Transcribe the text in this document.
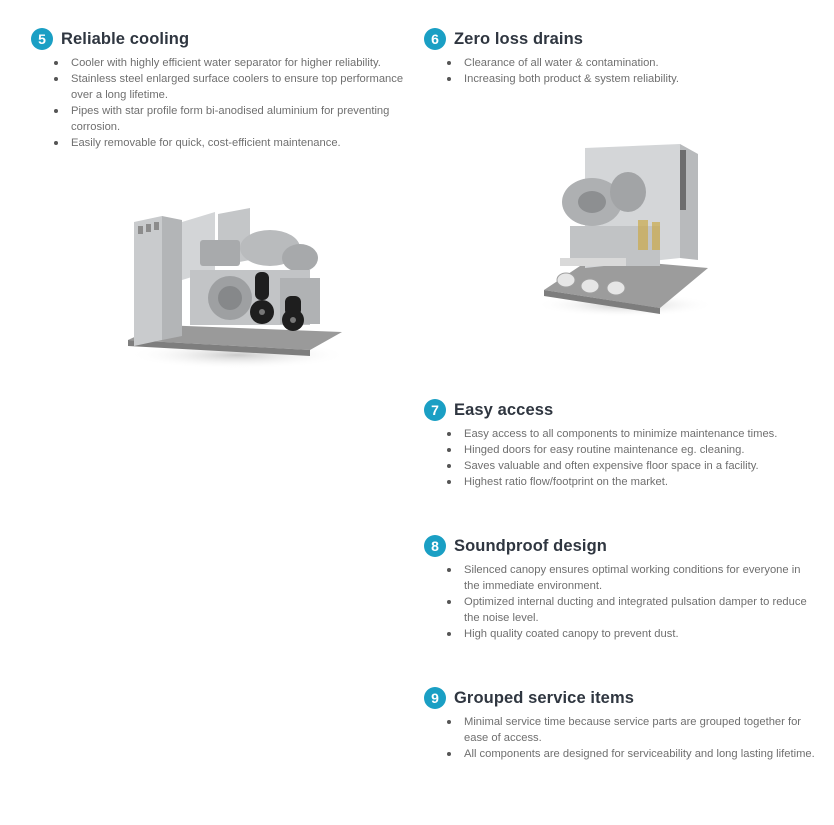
5 Reliable cooling
Cooler with highly efficient water separator for higher reliability.
Stainless steel enlarged surface coolers to ensure top performance over a long lifetime.
Pipes with star profile form bi-anodised aluminium for preventing corrosion.
Easily removable for quick, cost-efficient maintenance.
6 Zero loss drains
Clearance of all water & contamination.
Increasing both product & system reliability.
7 Easy access
Easy access to all components to minimize maintenance times.
Hinged doors for easy routine maintenance eg. cleaning.
Saves valuable and often expensive floor space in a facility.
Highest ratio flow/footprint on the market.
8 Soundproof design
Silenced canopy ensures optimal working conditions for everyone in the immediate environment.
Optimized internal ducting and integrated pulsation damper to reduce the noise level.
High quality coated canopy to prevent dust.
9 Grouped service items
Minimal service time because service parts are grouped together for ease of access.
All components are designed for serviceability and long lasting lifetime.
